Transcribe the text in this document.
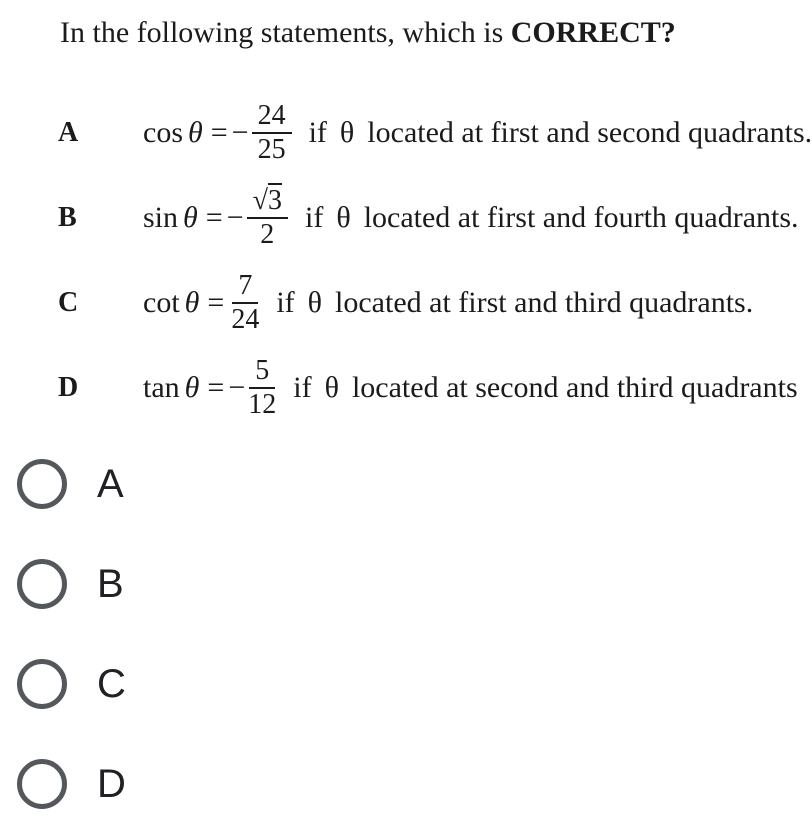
In the following statements, which is CORRECT?
A	cos θ = − $\frac{24}{25}$ if θ located at first and second quadrants.
B	sin θ = − $\frac{√ 3}{2}$ if θ located at first and fourth quadrants.
C	$\cot \theta = \frac{7}{24}$ if θ located at first and third quadrants.
D	tan θ = − $\frac{5}{12}$ if θ located at second and third quadrants
A
B
C
D
